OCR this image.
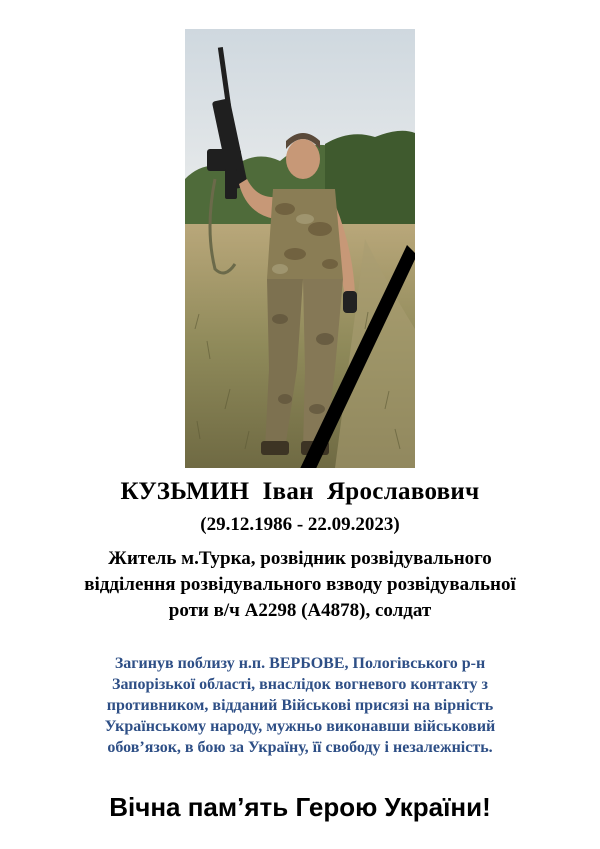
КУЗЬМИН  Іван  Ярославович
(29.12.1986 - 22.09.2023)
Житель м.Турка, розвідник розвідувального
відділення розвідувального взводу розвідувальної
роти в/ч А2298 (А4878), солдат
Загинув поблизу н.п. ВЕРБОВЕ, Пологівського р-н
Запорізької області, внаслідок вогневого контакту з
противником, відданий Військові присязі на вірність
Українському народу, мужньо виконавши військовий
обов’язок, в бою за Україну, її свободу і незалежність.
Вічна пам’ять Герою України!
